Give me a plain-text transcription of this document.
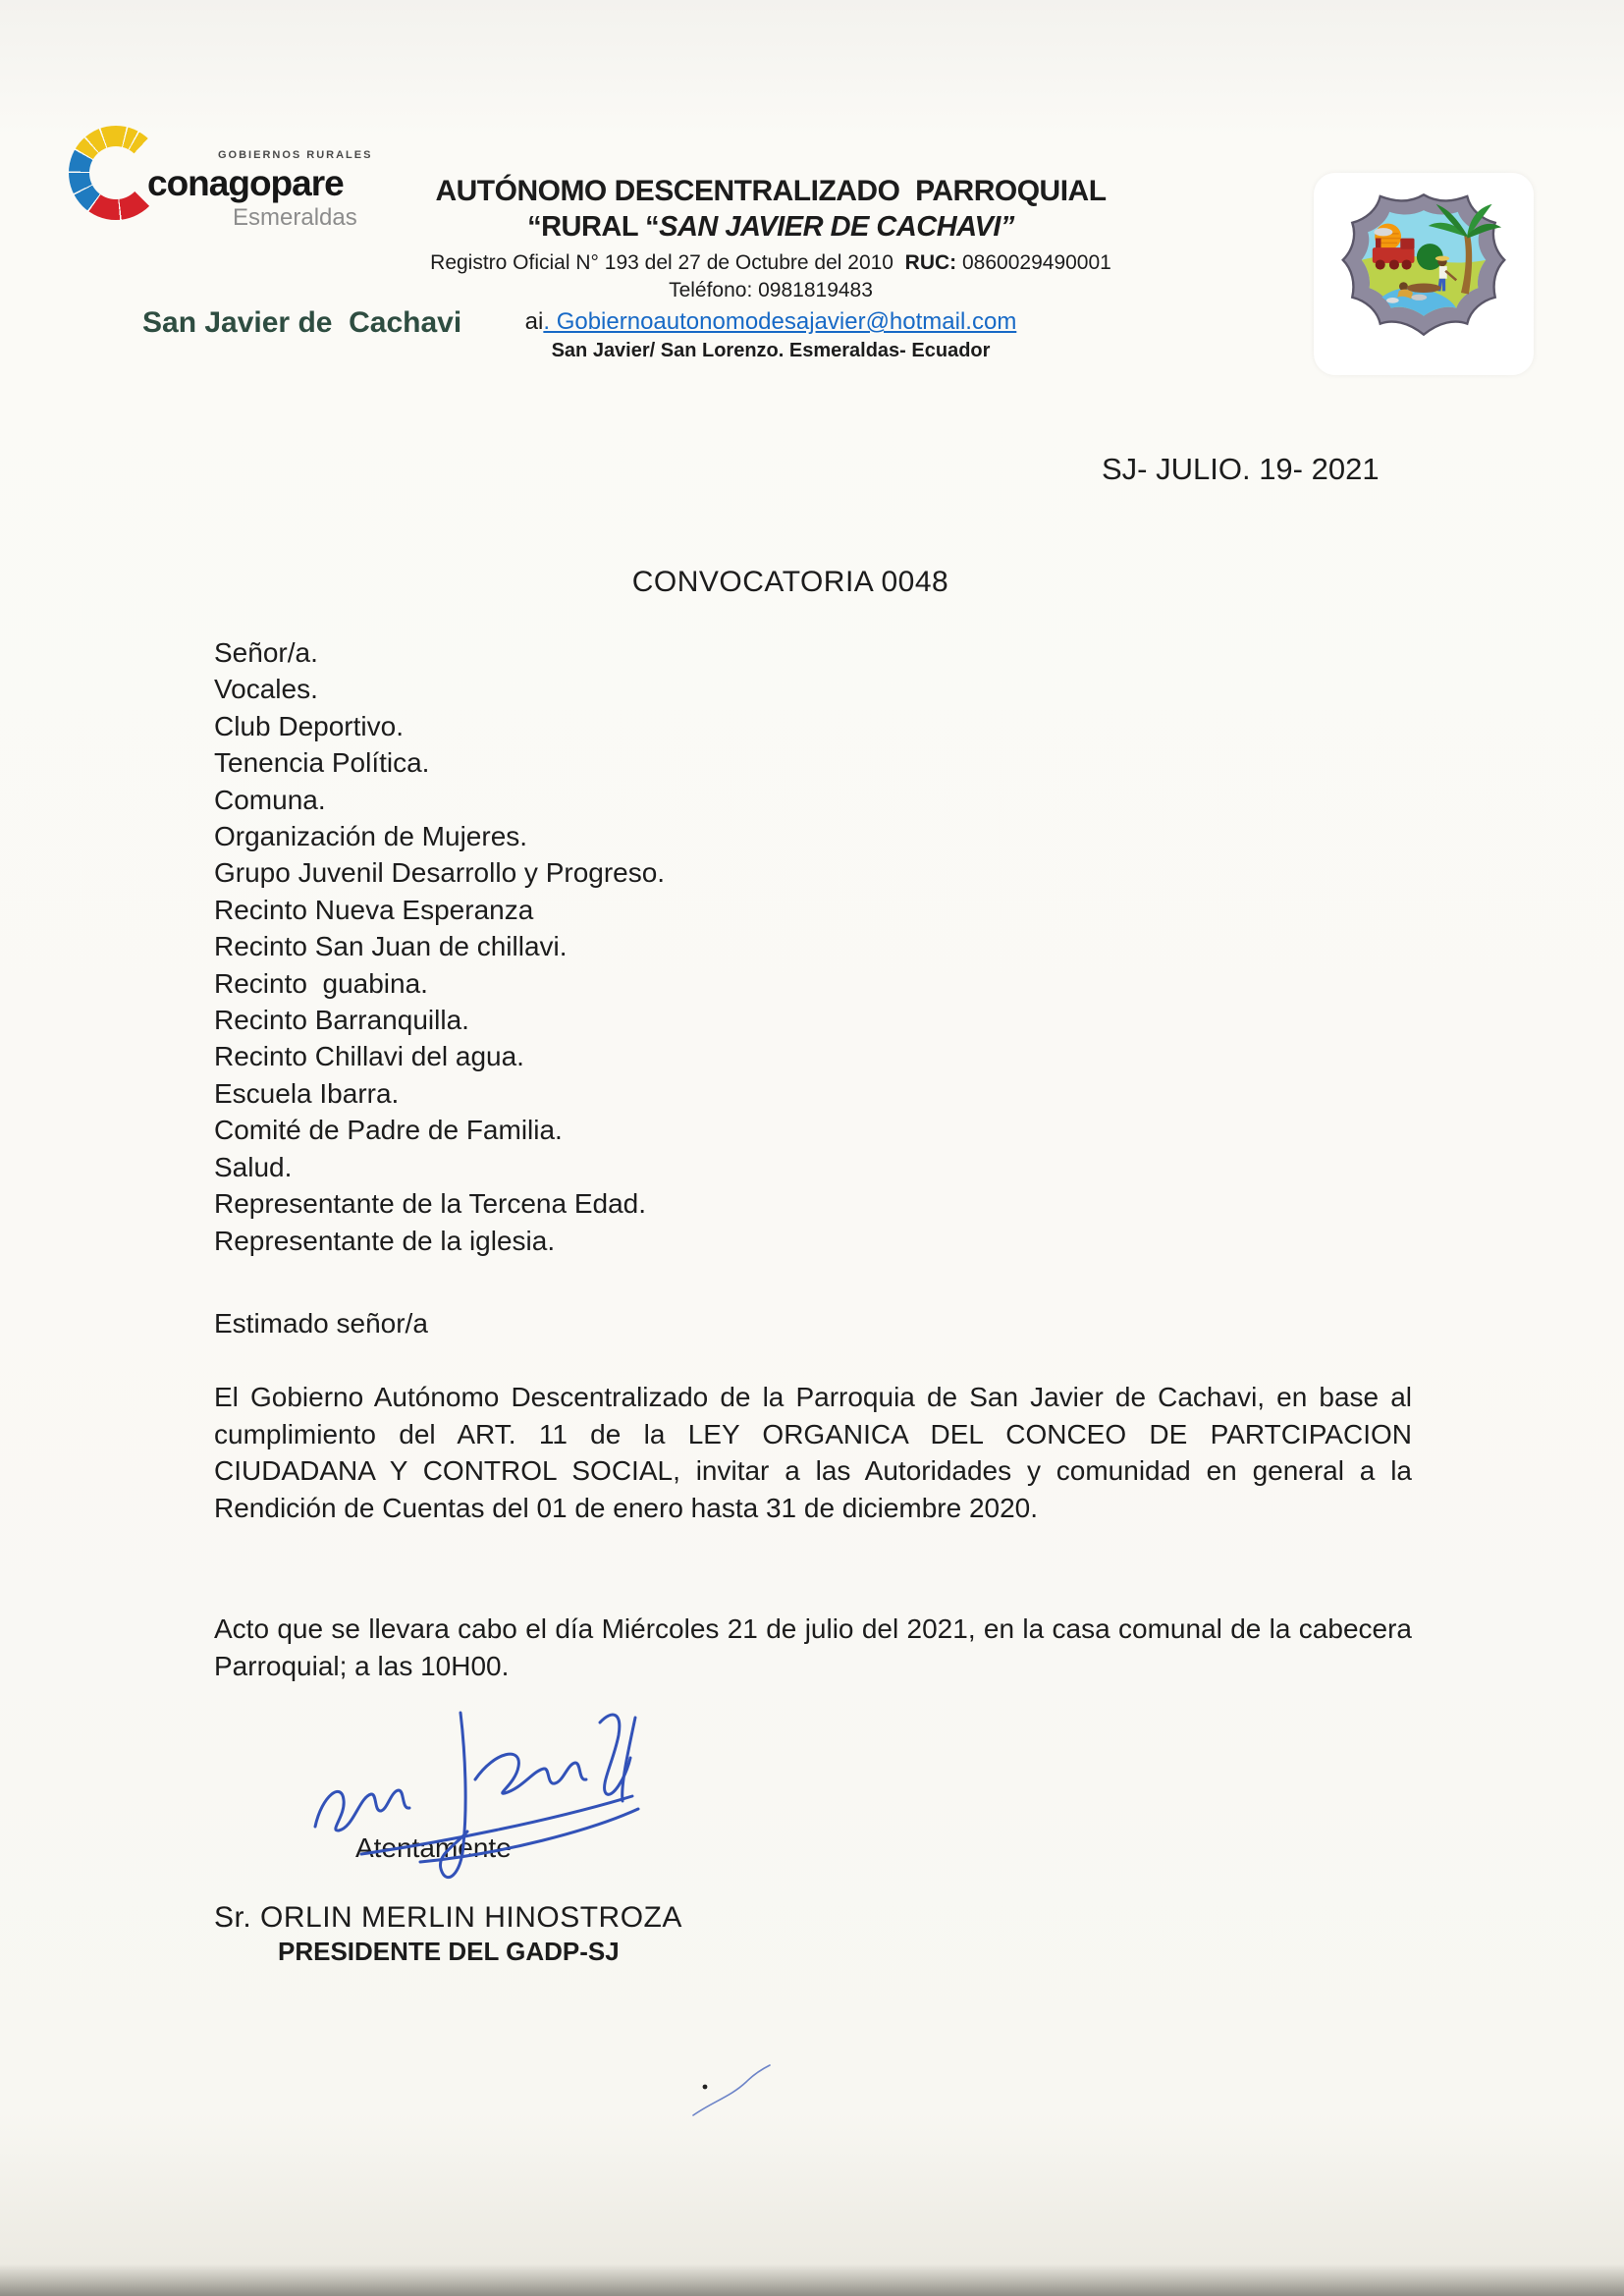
GOBIERNOS RURALES
conagopare
Esmeraldas
San Javier de  Cachavi
AUTÓNOMO DESCENTRALIZADO  PARROQUIAL
“RURAL “SAN JAVIER DE CACHAVI”
Registro Oficial N° 193 del 27 de Octubre del 2010  RUC: 0860029490001
Teléfono: 0981819483
ai. Gobiernoautonomodesajavier@hotmail.com
San Javier/ San Lorenzo. Esmeraldas- Ecuador
SJ- JULIO. 19- 2021
CONVOCATORIA 0048
Señor/a.
Vocales.
Club Deportivo.
Tenencia Política.
Comuna.
Organización de Mujeres.
Grupo Juvenil Desarrollo y Progreso.
Recinto Nueva Esperanza
Recinto San Juan de chillavi.
Recinto  guabina.
Recinto Barranquilla.
Recinto Chillavi del agua.
Escuela Ibarra.
Comité de Padre de Familia.
Salud.
Representante de la Tercena Edad.
Representante de la iglesia.
Estimado señor/a
El Gobierno Autónomo Descentralizado de la Parroquia de San Javier de Cachavi, en base al cumplimiento del ART. 11 de la LEY ORGANICA DEL CONCEO DE PARTCIPACION CIUDADANA Y CONTROL SOCIAL, invitar a las Autoridades y comunidad en general a la Rendición de Cuentas del 01 de enero hasta 31 de diciembre 2020.
Acto que se llevara cabo el día Miércoles 21 de julio del 2021, en la casa comunal de la cabecera Parroquial; a las 10H00.
Atentamente
Sr. ORLIN MERLIN HINOSTROZA
PRESIDENTE DEL GADP-SJ
